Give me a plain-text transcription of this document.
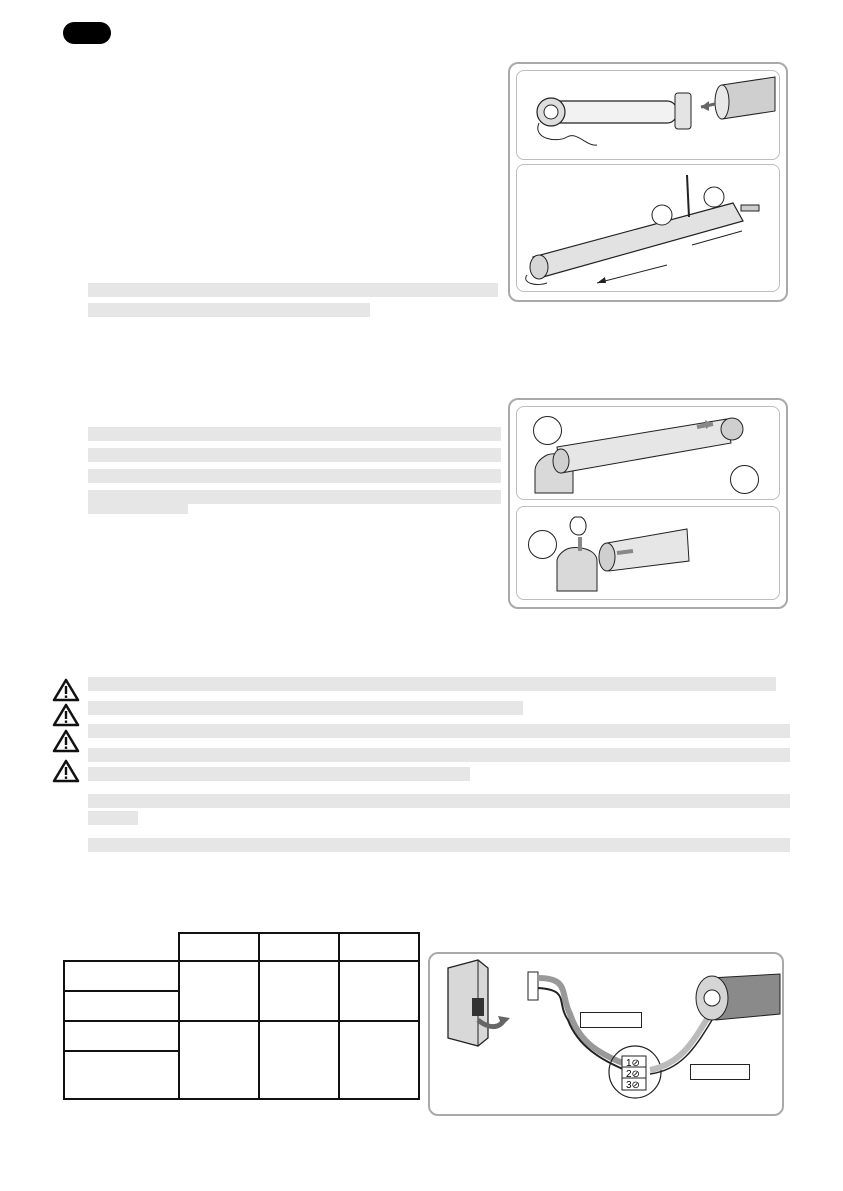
1⊘
2⊘
3⊘
